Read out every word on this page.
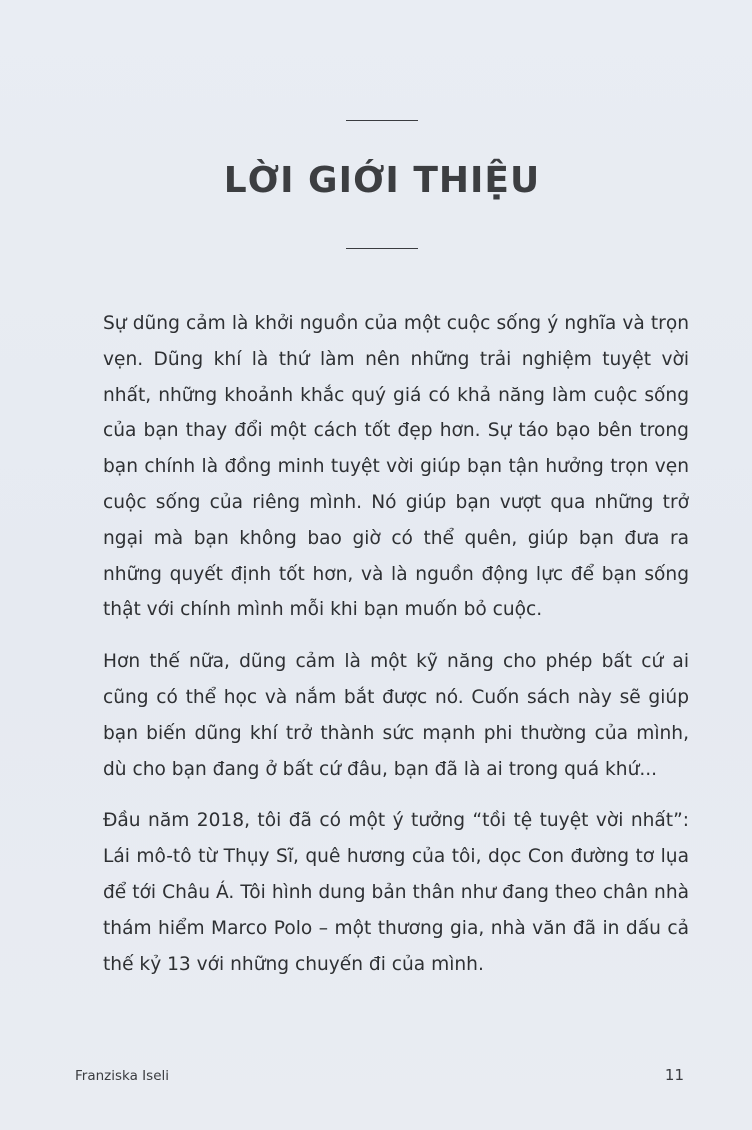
LỜI GIỚI THIỆU

Sự dũng cảm là khởi nguồn của một cuộc sống ý nghĩa và trọn vẹn. Dũng khí là thứ làm nên những trải nghiệm tuyệt vời nhất, những khoảnh khắc quý giá có khả năng làm cuộc sống của bạn thay đổi một cách tốt đẹp hơn. Sự táo bạo bên trong bạn chính là đồng minh tuyệt vời giúp bạn tận hưởng trọn vẹn cuộc sống của riêng mình. Nó giúp bạn vượt qua những trở ngại mà bạn không bao giờ có thể quên, giúp bạn đưa ra những quyết định tốt hơn, và là nguồn động lực để bạn sống thật với chính mình mỗi khi bạn muốn bỏ cuộc.

Hơn thế nữa, dũng cảm là một kỹ năng cho phép bất cứ ai cũng có thể học và nắm bắt được nó. Cuốn sách này sẽ giúp bạn biến dũng khí trở thành sức mạnh phi thường của mình, dù cho bạn đang ở bất cứ đâu, bạn đã là ai trong quá khứ...

Đầu năm 2018, tôi đã có một ý tưởng “tồi tệ tuyệt vời nhất”: Lái mô-tô từ Thụy Sĩ, quê hương của tôi, dọc Con đường tơ lụa để tới Châu Á. Tôi hình dung bản thân như đang theo chân nhà thám hiểm Marco Polo – một thương gia, nhà văn đã in dấu cả thế kỷ 13 với những chuyến đi của mình.

Franziska Iseli	11
